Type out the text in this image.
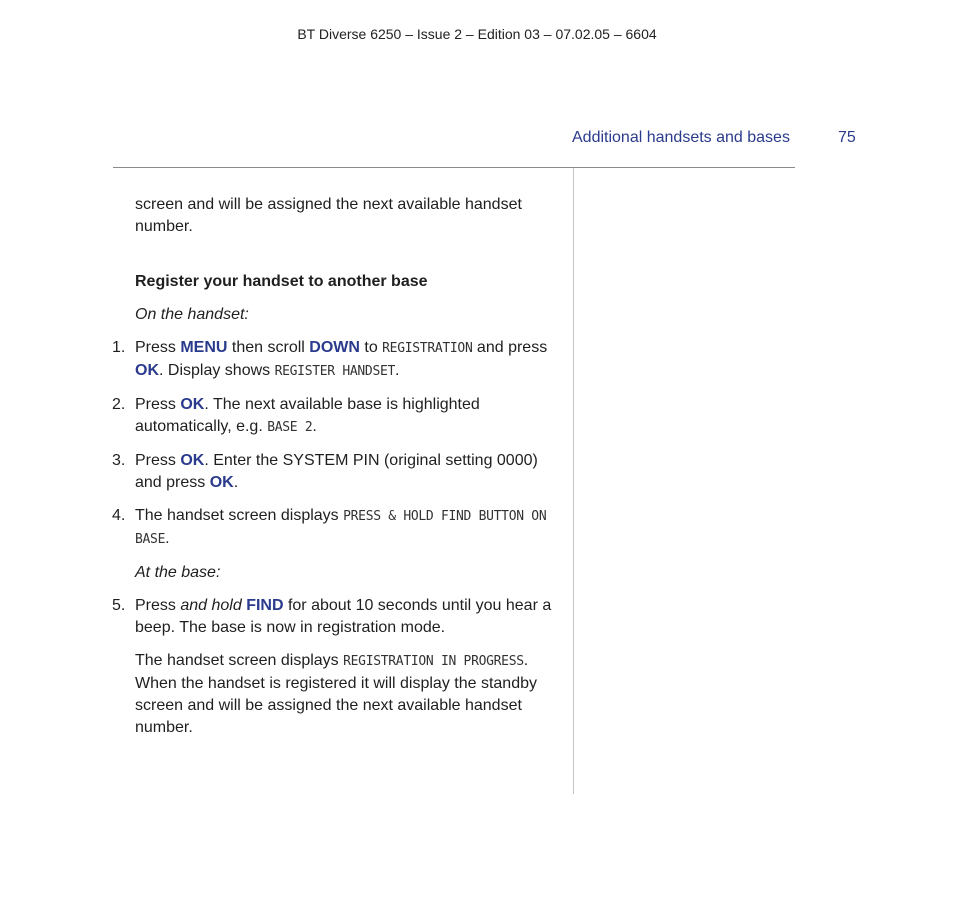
BT Diverse 6250 – Issue 2 – Edition 03 – 07.02.05 – 6604
Additional handsets and bases	75

screen and will be assigned the next available handset number.

Register your handset to another base

On the handset:

1. Press MENU then scroll DOWN to REGISTRATION and press OK. Display shows REGISTER HANDSET.

2. Press OK. The next available base is highlighted automatically, e.g. BASE 2.

3. Press OK. Enter the SYSTEM PIN (original setting 0000) and press OK.

4. The handset screen displays PRESS & HOLD FIND BUTTON ON BASE.

At the base:

5. Press and hold FIND for about 10 seconds until you hear a beep. The base is now in registration mode.

The handset screen displays REGISTRATION IN PROGRESS. When the handset is registered it will display the standby screen and will be assigned the next available handset number.
